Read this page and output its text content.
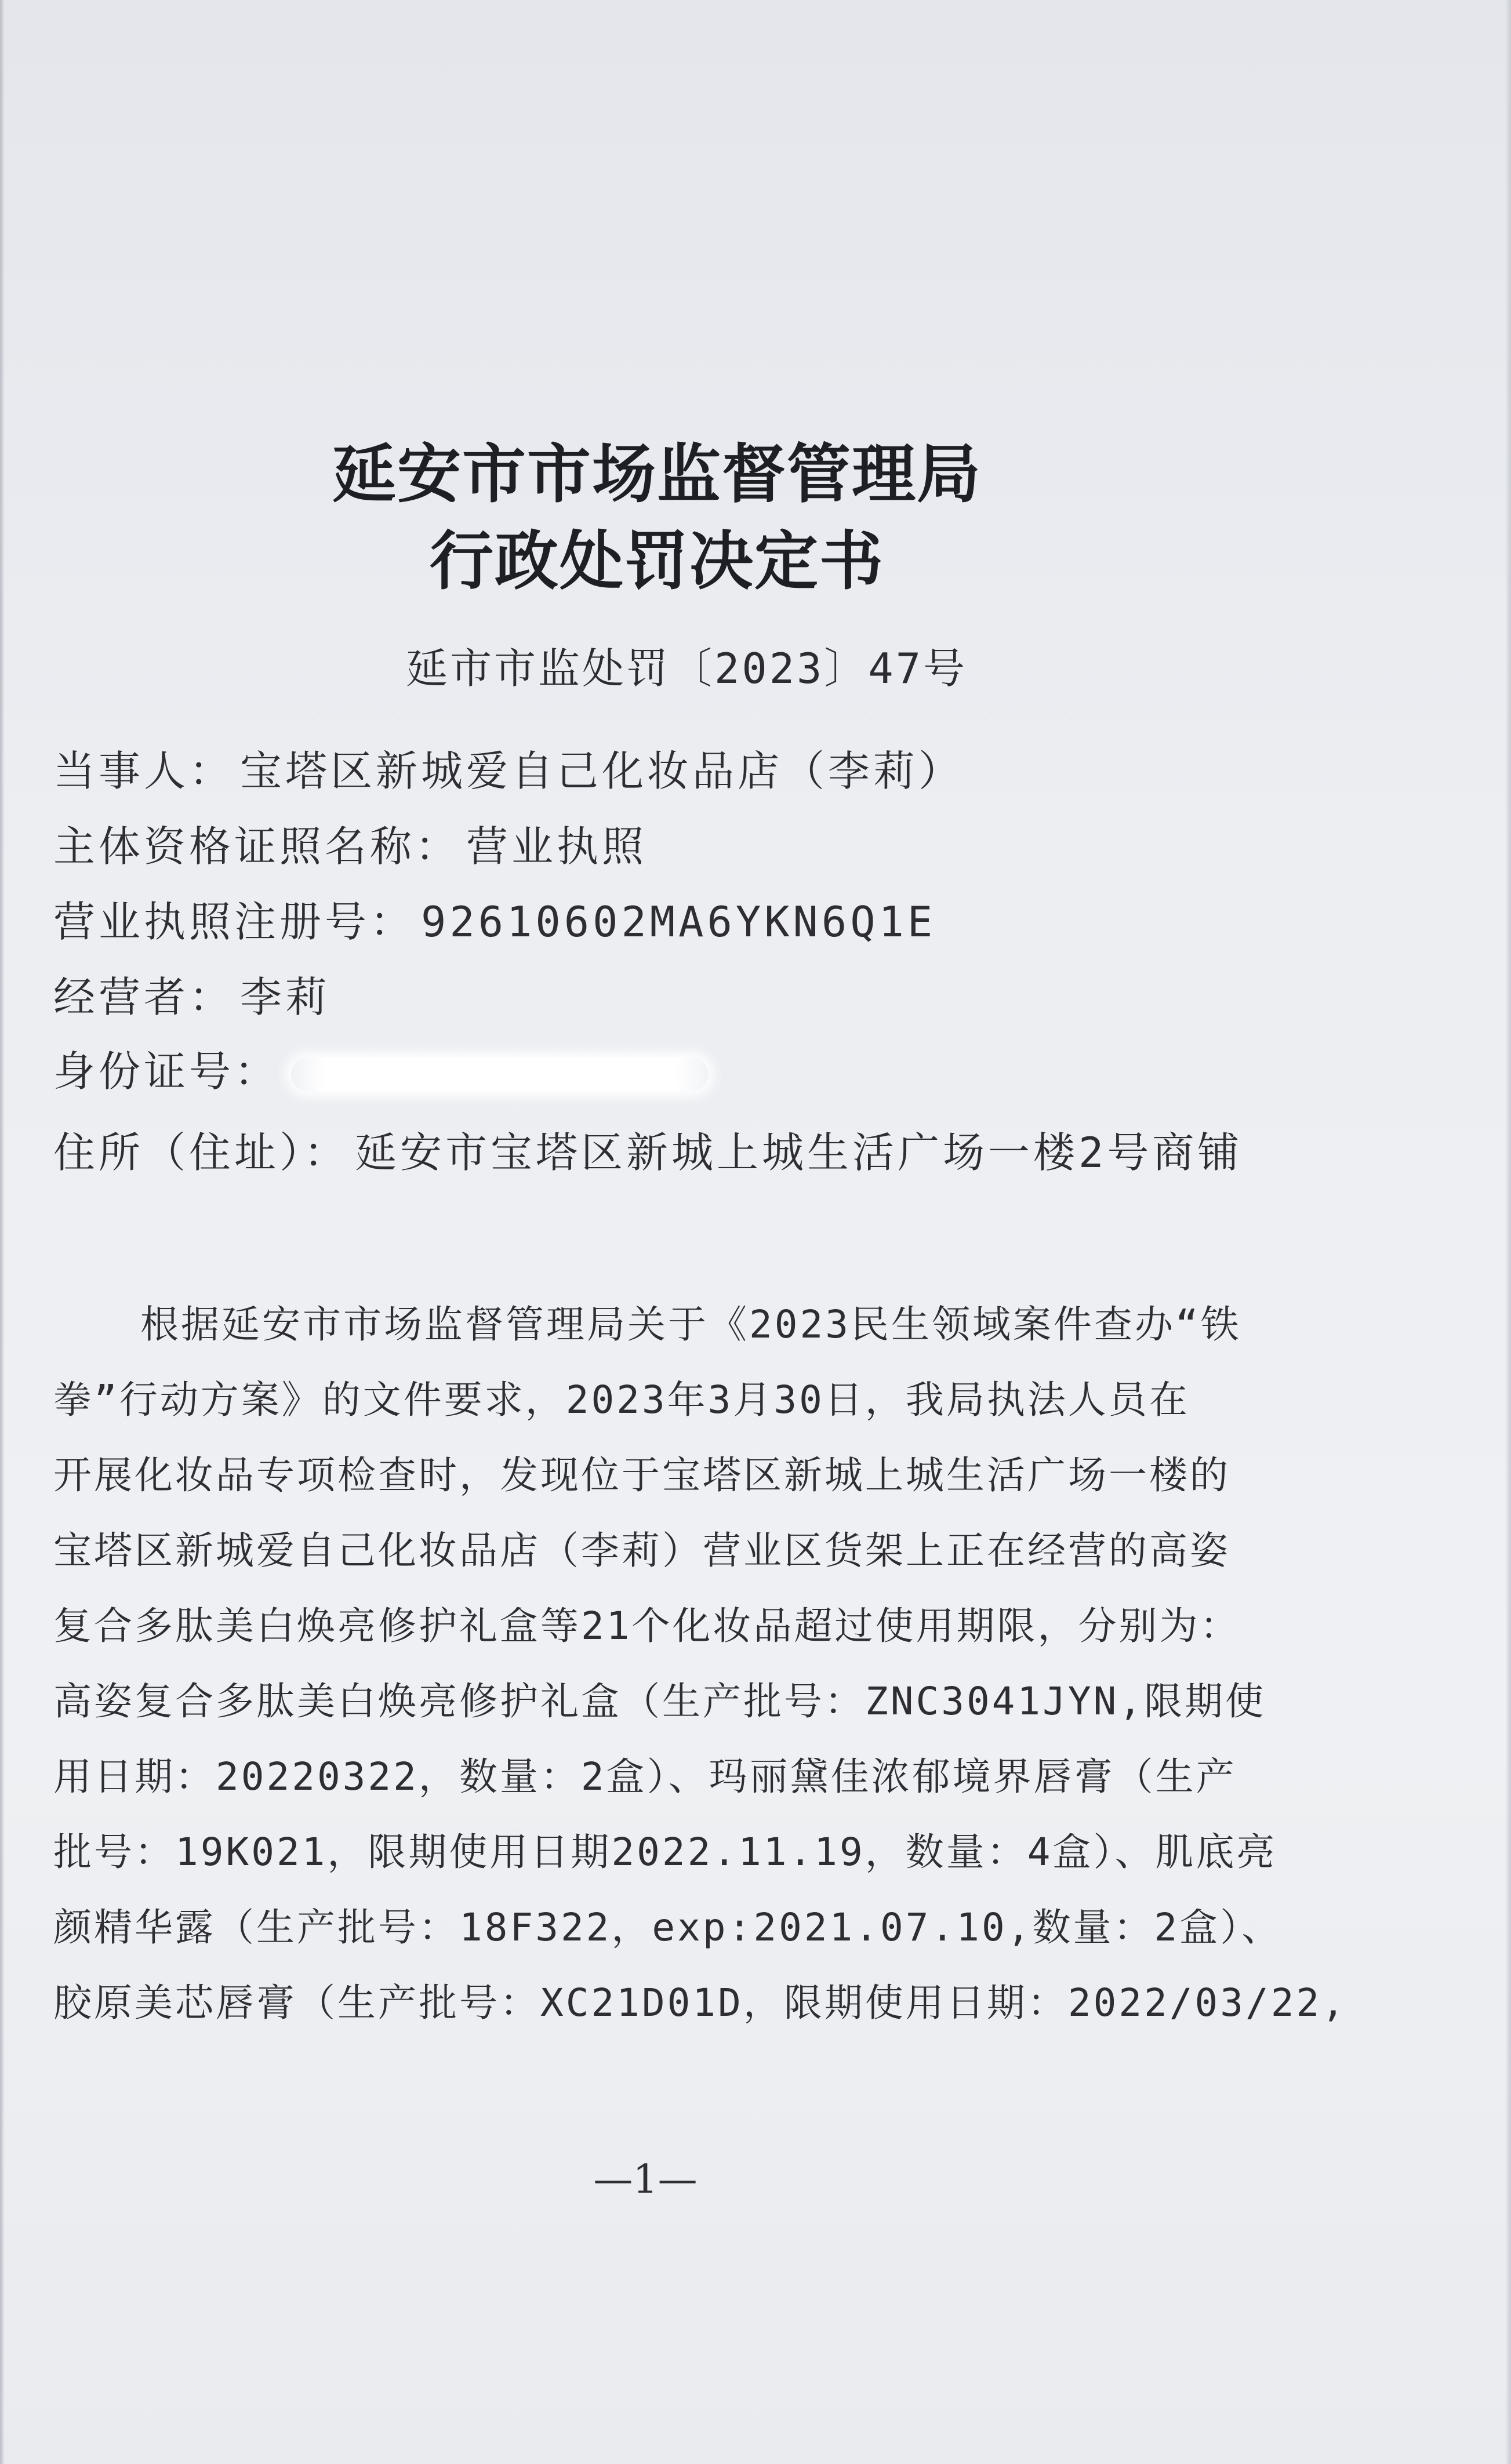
延安市市场监督管理局
行政处罚决定书
延市市监处罚〔2023〕47号
当事人： 宝塔区新城爱自己化妆品店（李莉）
主体资格证照名称： 营业执照
营业执照注册号： 92610602MA6YKN6Q1E
经营者： 李莉
身份证号：
住所（住址）： 延安市宝塔区新城上城生活广场一楼2号商铺
根据延安市市场监督管理局关于《2023民生领域案件查办“铁
拳”行动方案》的文件要求，2023年3月30日，我局执法人员在
开展化妆品专项检查时，发现位于宝塔区新城上城生活广场一楼的
宝塔区新城爱自己化妆品店（李莉）营业区货架上正在经营的高姿
复合多肽美白焕亮修护礼盒等21个化妆品超过使用期限，分别为：
高姿复合多肽美白焕亮修护礼盒（生产批号：ZNC3041JYN,限期使
用日期：20220322，数量：2盒）、玛丽黛佳浓郁境界唇膏（生产
批号：19K021，限期使用日期2022.11.19，数量：4盒）、肌底亮
颜精华露（生产批号：18F322，exp:2021.07.10,数量：2盒）、
胶原美芯唇膏（生产批号：XC21D01D，限期使用日期：2022/03/22,
—1—
